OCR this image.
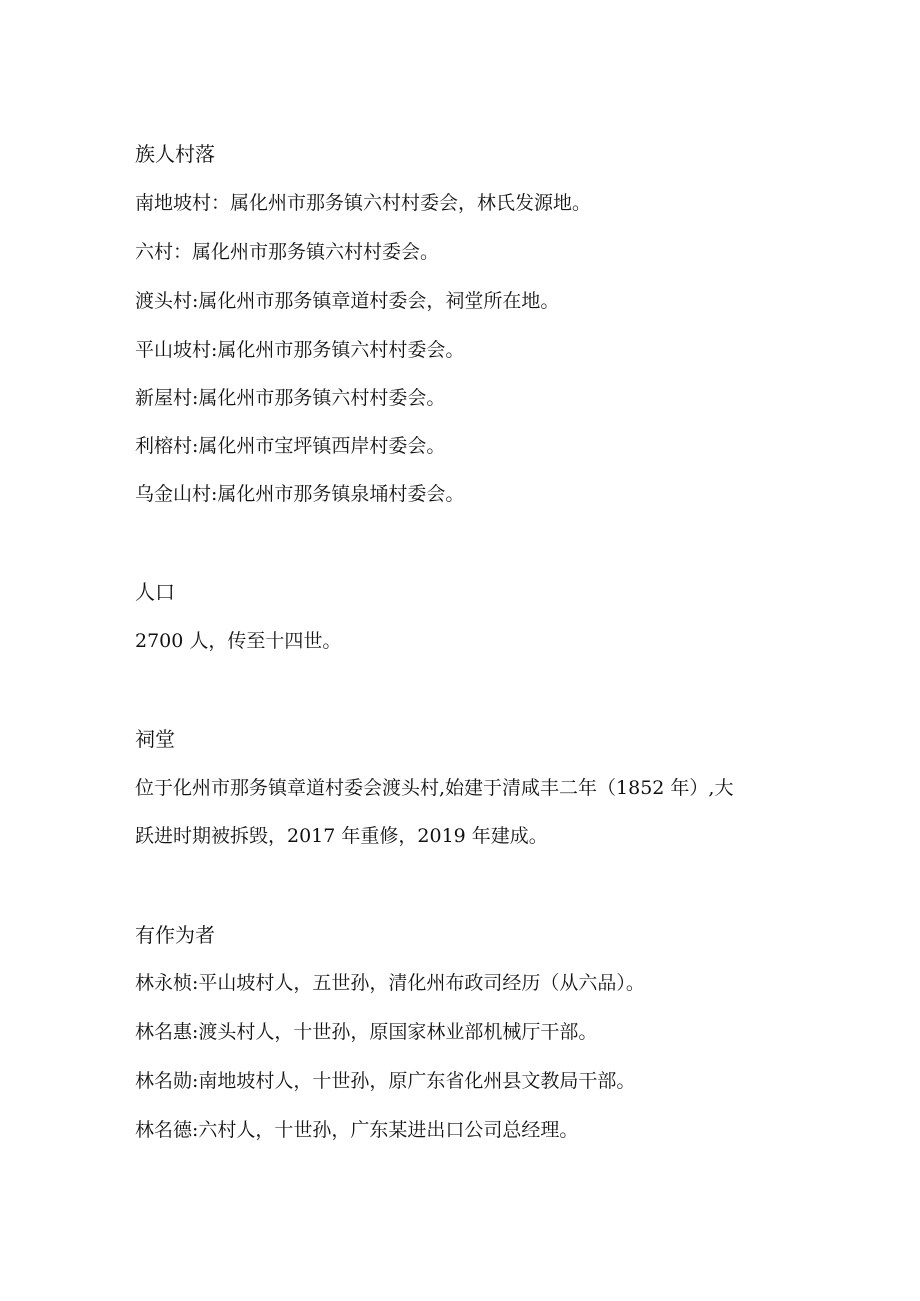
族人村落
南地坡村：属化州市那务镇六村村委会，林氏发源地。
六村：属化州市那务镇六村村委会。
渡头村:属化州市那务镇章道村委会，祠堂所在地。
平山坡村:属化州市那务镇六村村委会。
新屋村:属化州市那务镇六村村委会。
利榕村:属化州市宝坪镇西岸村委会。
乌金山村:属化州市那务镇泉埇村委会。
人口
2700 人，传至十四世。
祠堂
位于化州市那务镇章道村委会渡头村,始建于清咸丰二年（1852 年）,大
跃进时期被拆毁，2017 年重修，2019 年建成。
有作为者
林永桢:平山坡村人，五世孙，清化州布政司经历（从六品）。
林名惠:渡头村人，十世孙，原国家林业部机械厅干部。
林名勋:南地坡村人，十世孙，原广东省化州县文教局干部。
林名德:六村人，十世孙，广东某进出口公司总经理。
